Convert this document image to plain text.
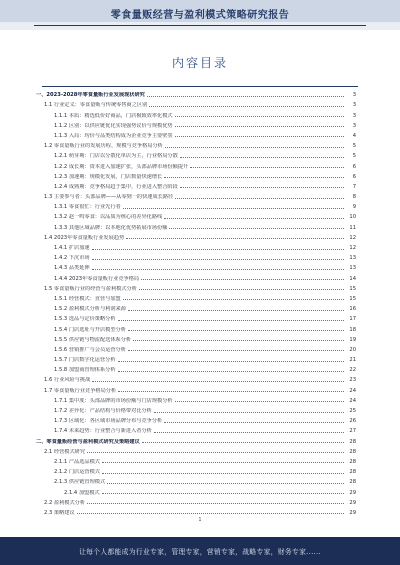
零食量贩经营与盈利模式策略研究报告
内容目录
一、2023-2028年零食量贩行业发展现状研究	3
1.1 行业定义：零食量贩与传统零售商之区别	3
1.1.1 本质：精选低价好商品，门店极致效率化模式	3
1.1.2 区别：以供应链优化实现强势议价与规模优势	3
1.1.3 入局：均价与品类结构成为企业竞争主要壁垒	4
1.2 零食量贩行业的发展历程、规模与竞争格局分析	5
1.2.1 萌芽期：门店以分散化单店为主，行业格局分散	5
1.2.2 成长期：资本进入加速扩张，头部品牌市场份额提升	6
1.2.3 加速期：规模化发展，门店数量快速增长	6
1.2.4 成熟期：竞争格局趋于集中，行业进入整合阶段	7
1.3 主要参与者：头部品牌——从零到一的快速成长路径	8
1.3.1 零食很忙：行业先行者	9
1.3.2 赵一鸣零食：以品质为核心的差异化路线	10
1.3.3 其他区域品牌：以本地化优势拓展市场份额	11
1.4 2023年零食量贩行业发展趋势	12
1.4.1 扩店加速	12
1.4.2 下沉市场	13
1.4.3 品类延伸	13
1.4.4 2023年零食量贩行业竞争格局	14
1.5 零食量贩行业的经营与盈利模式分析	15
1.5.1 经营模式：直营与加盟	15
1.5.2 盈利模式分析与利润来源	16
1.5.3 选品与定价策略分析	17
1.5.4 门店选址与开店模型分析	18
1.5.5 供应链与物流配送体系分析	19
1.5.6 营销推广与会员运营分析	20
1.5.7 门店数字化运营分析	21
1.5.8 加盟商管理体系分析	22
1.6 行业风险与挑战	23
1.7 零食量贩行业竞争格局分析	24
1.7.1 集中度：头部品牌的市场份额与门店规模分析	24
1.7.2 差异化：产品结构与价格带对比分析	25
1.7.3 区域化：各区域市场品牌分布与竞争分析	26
1.7.4 未来趋势：行业整合与新进入者分析	27
二、零食量贩经营与盈利模式研究及策略建议	28
2.1 经营模式研究	28
2.1.1 产品选品模式	28
2.1.2 门店运营模式	28
2.1.3 供应链管理模式	28
2.1.4 加盟模式	29
2.2 盈利模式分析	29
2.3 策略建议	29
1
让每个人都能成为行业专家，管理专家，营销专家，战略专家，财务专家......
